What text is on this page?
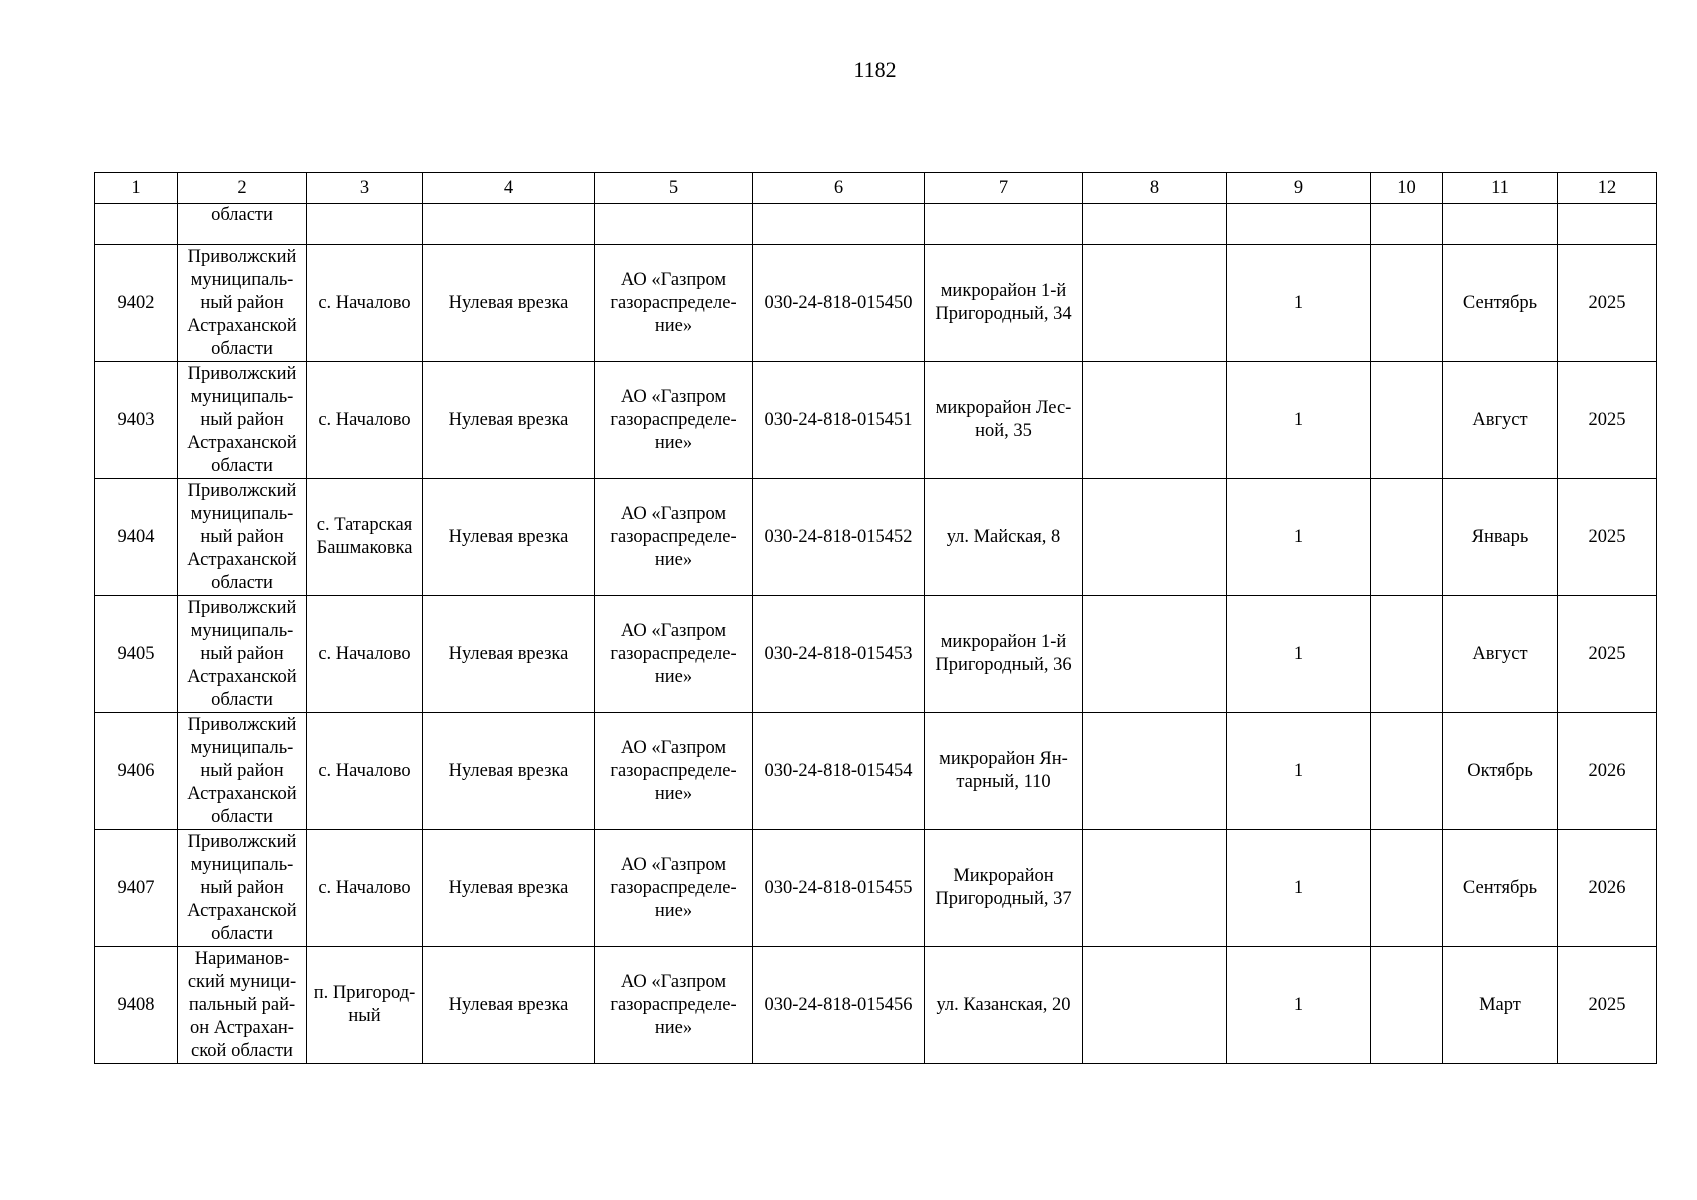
1182
1	2	3	4	5	6	7	8	9	10	11	12
	области										
9402	Приволжский
муниципаль-
ный район
Астраханской
области	с. Началово	Нулевая врезка	АО «Газпром
газораспределе-
ние»	030-24-818-015450	микрорайон 1-й
Пригородный, 34		1		Сентябрь	2025
9403	Приволжский
муниципаль-
ный район
Астраханской
области	с. Началово	Нулевая врезка	АО «Газпром
газораспределе-
ние»	030-24-818-015451	микрорайон Лес-
ной, 35		1		Август	2025
9404	Приволжский
муниципаль-
ный район
Астраханской
области	с. Татарская
Башмаковка	Нулевая врезка	АО «Газпром
газораспределе-
ние»	030-24-818-015452	ул. Майская, 8		1		Январь	2025
9405	Приволжский
муниципаль-
ный район
Астраханской
области	с. Началово	Нулевая врезка	АО «Газпром
газораспределе-
ние»	030-24-818-015453	микрорайон 1-й
Пригородный, 36		1		Август	2025
9406	Приволжский
муниципаль-
ный район
Астраханской
области	с. Началово	Нулевая врезка	АО «Газпром
газораспределе-
ние»	030-24-818-015454	микрорайон Ян-
тарный, 110		1		Октябрь	2026
9407	Приволжский
муниципаль-
ный район
Астраханской
области	с. Началово	Нулевая врезка	АО «Газпром
газораспределе-
ние»	030-24-818-015455	Микрорайон
Пригородный, 37		1		Сентябрь	2026
9408	Нариманов-
ский муници-
пальный рай-
он Астрахан-
ской области	п. Пригород-
ный	Нулевая врезка	АО «Газпром
газораспределе-
ние»	030-24-818-015456	ул. Казанская, 20		1		Март	2025
